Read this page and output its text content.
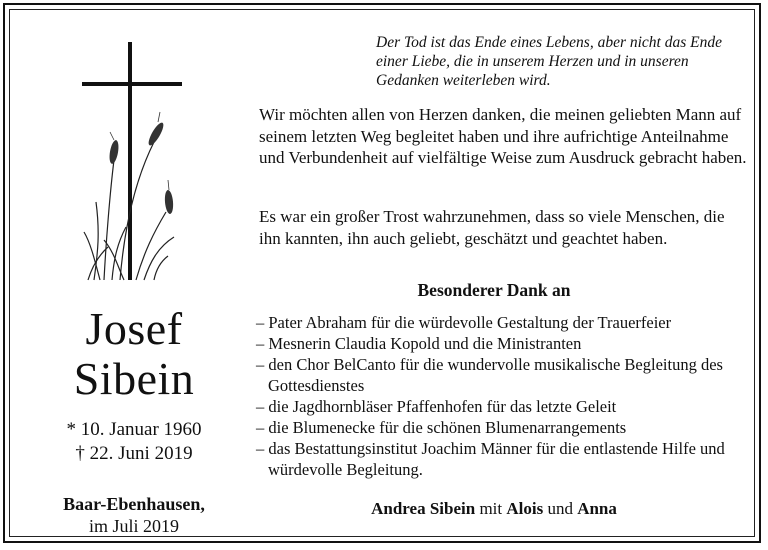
Josef
Sibein
* 10. Januar 1960
† 22. Juni 2019
Baar-Ebenhausen,
im Juli 2019
Der Tod ist das Ende eines Lebens, aber nicht das Ende einer Liebe, die in unserem Herzen und in unseren Gedanken weiterleben wird.
Wir möchten allen von Herzen danken, die meinen geliebten Mann auf seinem letzten Weg begleitet haben und ihre aufrichtige Anteilnahme und Verbundenheit auf vielfältige Weise zum Ausdruck gebracht haben.
Es war ein großer Trost wahrzunehmen, dass so viele Menschen, die ihn kannten, ihn auch geliebt, geschätzt und geachtet haben.
Besonderer Dank an
– Pater Abraham für die würdevolle Gestaltung der Trauerfeier
– Mesnerin Claudia Kopold und die Ministranten
– den Chor BelCanto für die wundervolle musikalische Begleitung des Gottesdienstes
– die Jagdhornbläser Pfaffenhofen für das letzte Geleit
– die Blumenecke für die schönen Blumenarrangements
– das Bestattungsinstitut Joachim Männer für die entlastende Hilfe und würdevolle Begleitung.
Andrea Sibein mit Alois und Anna
